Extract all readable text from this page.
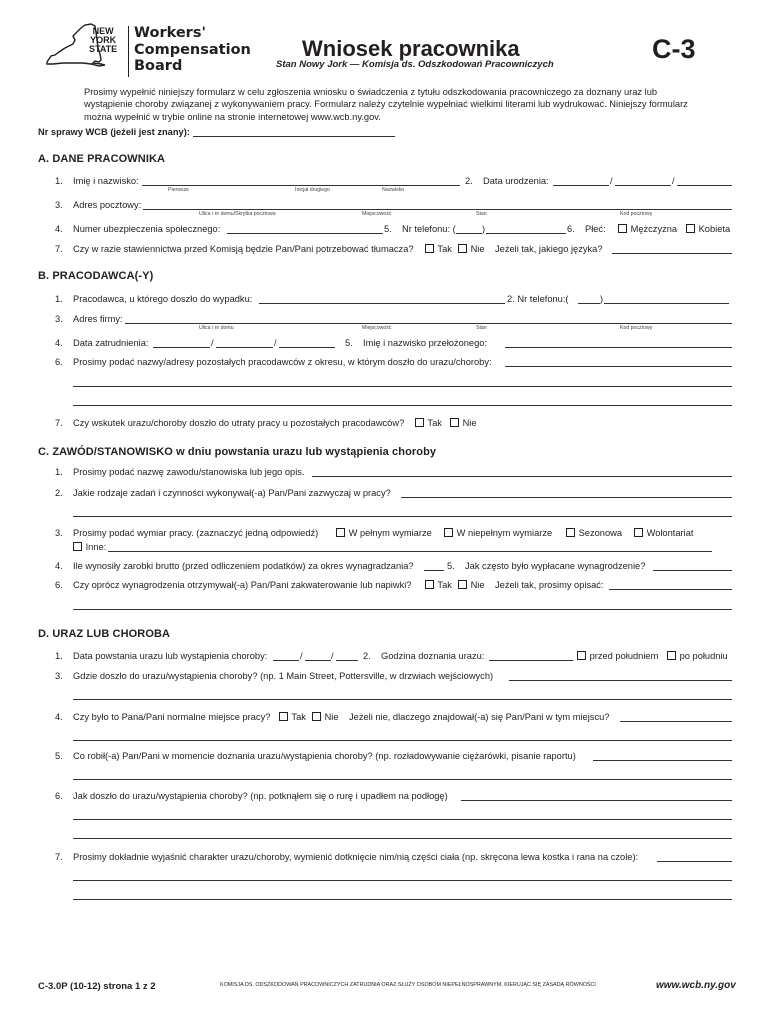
NEW
YORK
STATE
Workers'
Compensation
Board
Wniosek pracownika
Stan Nowy Jork — Komisja ds. Odszkodowań Pracowniczych
C-3
Prosimy wypełnić niniejszy formularz w celu zgłoszenia wniosku o świadczenia z tytułu odszkodowania pracowniczego za doznany uraz lub wystąpienie choroby związanej z wykonywaniem pracy. Formularz należy czytelnie wypełniać wielkimi literami lub wydrukować. Niniejszy formularz można wypełnić w trybie online na stronie internetowej www.wcb.ny.gov.
Nr sprawy WCB (jeżeli jest znany):
A. DANE PRACOWNIKA
1. Imię i nazwisko:
Pierwsze	Inicjał drugiego	Nazwisko
2. Data urodzenia:	/	/
3. Adres pocztowy:
Ulica i nr domu/Skrytka pocztowa	Miejscowość	Stan	Kod pocztowy
4. Numer ubezpieczenia społecznego:	5. Nr telefonu: (	)	6. Płeć:	Mężczyzna	Kobieta
7. Czy w razie stawiennictwa przed Komisją będzie Pan/Pani potrzebować tłumacza?	Tak	Nie Jeżeli tak, jakiego języka?
B. PRACODAWCA(-Y)
1. Pracodawca, u którego doszło do wypadku:	2. Nr telefonu:(	)
3. Adres firmy:
Ulica i nr domu	Miejscowość	Stan	Kod pocztowy
4. Data zatrudnienia:	/	/	5. Imię i nazwisko przełożonego:
6. Prosimy podać nazwy/adresy pozostałych pracodawców z okresu, w którym doszło do urazu/choroby:
7. Czy wskutek urazu/choroby doszło do utraty pracy u pozostałych pracodawców?	Tak	Nie
C. ZAWÓD/STANOWISKO w dniu powstania urazu lub wystąpienia choroby
1. Prosimy podać nazwę zawodu/stanowiska lub jego opis.
2. Jakie rodzaje zadań i czynności wykonywał(-a) Pan/Pani zazwyczaj w pracy?
3. Prosimy podać wymiar pracy. (zaznaczyć jedną odpowiedź)	W pełnym wymiarze	W niepełnym wymiarze	Sezonowa	Wolontariat
Inne:
4. Ile wynosiły zarobki brutto (przed odliczeniem podatków) za okres wynagradzania?	5. Jak często było wypłacane wynagrodzenie?
6. Czy oprócz wynagrodzenia otrzymywał(-a) Pan/Pani zakwaterowanie lub napiwki?	Tak	Nie Jeżeli tak, prosimy opisać:
D. URAZ LUB CHOROBA
1. Data powstania urazu lub wystąpienia choroby:	/	/	2. Godzina doznania urazu:	przed południem	po południu
3. Gdzie doszło do urazu/wystąpienia choroby? (np. 1 Main Street, Pottersville, w drzwiach wejściowych)
4. Czy było to Pana/Pani normalne miejsce pracy?	Tak	Nie Jeżeli nie, dlaczego znajdował(-a) się Pan/Pani w tym miejscu?
5. Co robił(-a) Pan/Pani w momencie doznania urazu/wystąpienia choroby? (np. rozładowywanie ciężarówki, pisanie raportu)
6. Jak doszło do urazu/wystąpienia choroby? (np. potknąłem się o rurę i upadłem na podłogę)
7. Prosimy dokładnie wyjaśnić charakter urazu/choroby, wymienić dotknięcie nim/nią części ciała (np. skręcona lewa kostka i rana na czole):
C-3.0P (10-12) strona 1 z 2	KOMISJA DS. ODSZKODOWAŃ PRACOWNICZYCH ZATRUDNIA ORAZ SŁUŻY OSOBOM NIEPEŁNOSPRAWNYM, KIERUJĄC SIĘ ZASADĄ RÓWNOŚCI	www.wcb.ny.gov
